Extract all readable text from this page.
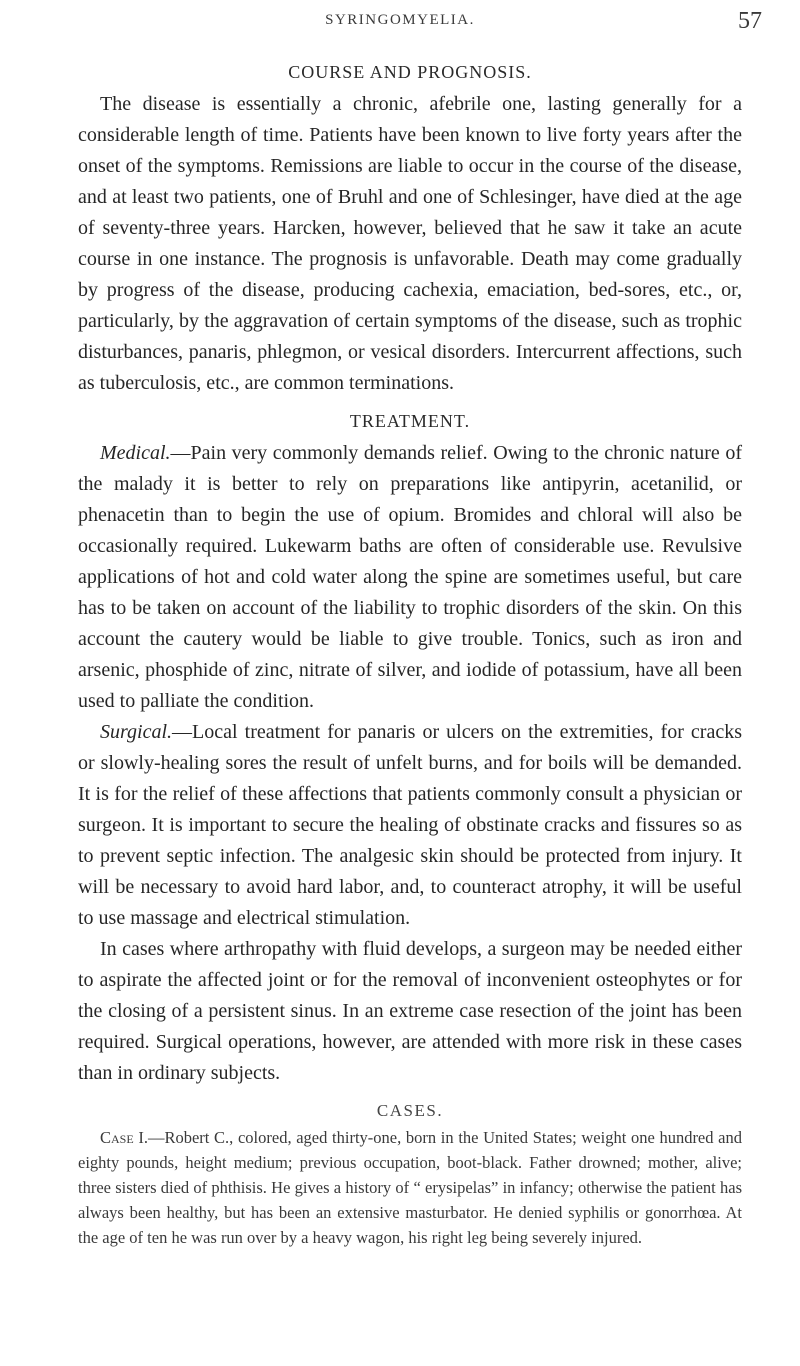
SYRINGOMYELIA.	57
COURSE AND PROGNOSIS.

The disease is essentially a chronic, afebrile one, lasting generally for a considerable length of time. Patients have been known to live forty years after the onset of the symptoms. Remissions are liable to occur in the course of the disease, and at least two patients, one of Bruhl and one of Schlesinger, have died at the age of seventy-three years. Harcken, however, believed that he saw it take an acute course in one instance. The prognosis is unfavorable. Death may come gradually by progress of the disease, producing cachexia, emaciation, bed-sores, etc., or, particularly, by the aggravation of certain symptoms of the disease, such as trophic disturbances, panaris, phlegmon, or vesical disorders. Intercurrent affections, such as tuberculosis, etc., are common terminations.

TREATMENT.

Medical.—Pain very commonly demands relief. Owing to the chronic nature of the malady it is better to rely on preparations like antipyrin, acetanilid, or phenacetin than to begin the use of opium. Bromides and chloral will also be occasionally required. Lukewarm baths are often of considerable use. Revulsive applications of hot and cold water along the spine are sometimes useful, but care has to be taken on account of the liability to trophic disorders of the skin. On this account the cautery would be liable to give trouble. Tonics, such as iron and arsenic, phosphide of zinc, nitrate of silver, and iodide of potassium, have all been used to palliate the condition.

Surgical.—Local treatment for panaris or ulcers on the extremities, for cracks or slowly-healing sores the result of unfelt burns, and for boils will be demanded. It is for the relief of these affections that patients commonly consult a physician or surgeon. It is important to secure the healing of obstinate cracks and fissures so as to prevent septic infection. The analgesic skin should be protected from injury. It will be necessary to avoid hard labor, and, to counteract atrophy, it will be useful to use massage and electrical stimulation.

In cases where arthropathy with fluid develops, a surgeon may be needed either to aspirate the affected joint or for the removal of inconvenient osteophytes or for the closing of a persistent sinus. In an extreme case resection of the joint has been required. Surgical operations, however, are attended with more risk in these cases than in ordinary subjects.

CASES.

Case I.—Robert C., colored, aged thirty-one, born in the United States; weight one hundred and eighty pounds, height medium; previous occupation, boot-black. Father drowned; mother, alive; three sisters died of phthisis. He gives a history of “ erysipelas” in infancy; otherwise the patient has always been healthy, but has been an extensive masturbator. He denied syphilis or gonorrhœa. At the age of ten he was run over by a heavy wagon, his right leg being severely injured.
